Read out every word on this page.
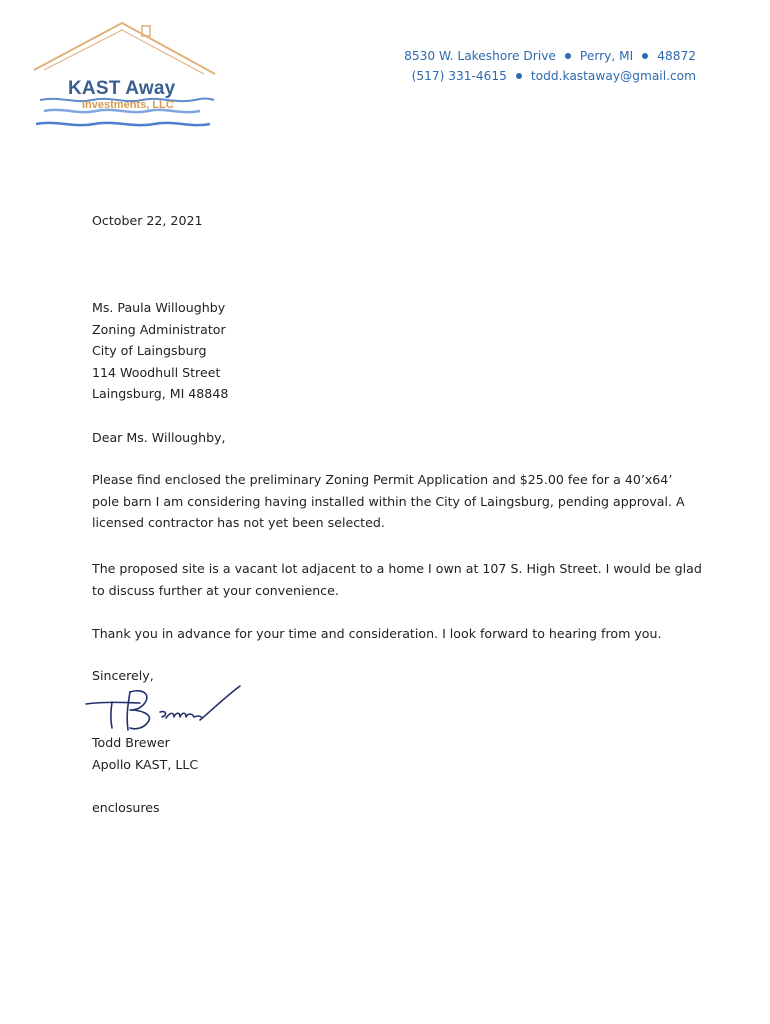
KAST Away
Investments, LLC
8530 W. Lakeshore Drive Perry, MI 48872
(517) 331-4615 todd.kastaway@gmail.com
October 22, 2021
Ms. Paula Willoughby
Zoning Administrator
City of Laingsburg
114 Woodhull Street
Laingsburg, MI 48848
Dear Ms. Willoughby,
Please find enclosed the preliminary Zoning Permit Application and $25.00 fee for a 40’x64’
pole barn I am considering having installed within the City of Laingsburg, pending approval. A
licensed contractor has not yet been selected.
The proposed site is a vacant lot adjacent to a home I own at 107 S. High Street. I would be glad
to discuss further at your convenience.
Thank you in advance for your time and consideration. I look forward to hearing from you.
Sincerely,
Todd Brewer
Apollo KAST, LLC
enclosures
